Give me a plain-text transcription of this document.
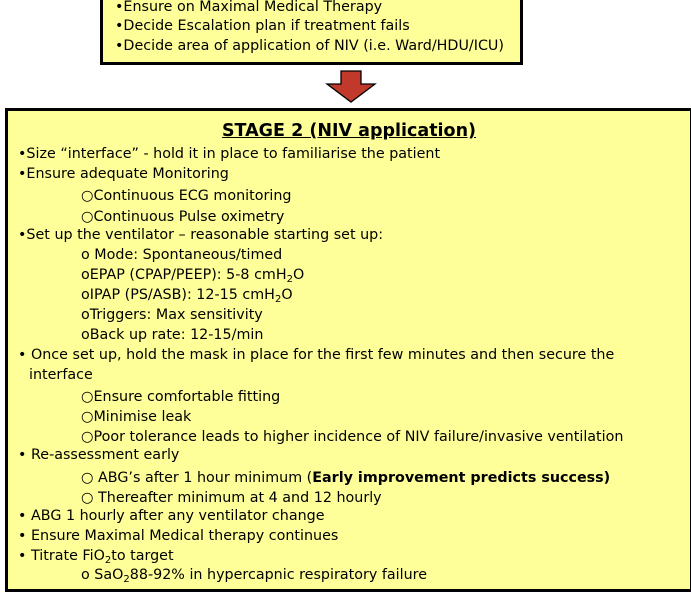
•Ensure on Maximal Medical Therapy
•Decide Escalation plan if treatment fails
•Decide area of application of NIV (i.e. Ward/HDU/ICU)
STAGE 2 (NIV application)
•Size “interface” - hold it in place to familiarise the patient
•Ensure adequate Monitoring
○Continuous ECG monitoring
○Continuous Pulse oximetry
•Set up the ventilator – reasonable starting set up:
o Mode: Spontaneous/timed
oEPAP (CPAP/PEEP): 5-8 cmH$_2$O
oIPAP (PS/ASB): 12-15 cmH$_2$O
oTriggers: Max sensitivity
oBack up rate: 12-15/min
• Once set up, hold the mask in place for the first few minutes and then secure the
interface
○Ensure comfortable fitting
○Minimise leak
○Poor tolerance leads to higher incidence of NIV failure/invasive ventilation
• Re-assessment early
○ ABG’s after 1 hour minimum (Early improvement predicts success)
○ Thereafter minimum at 4 and 12 hourly
• ABG 1 hourly after any ventilator change
• Ensure Maximal Medical therapy continues
• Titrate FiO$_2$to target
o SaO$_2$88-92% in hypercapnic respiratory failure
